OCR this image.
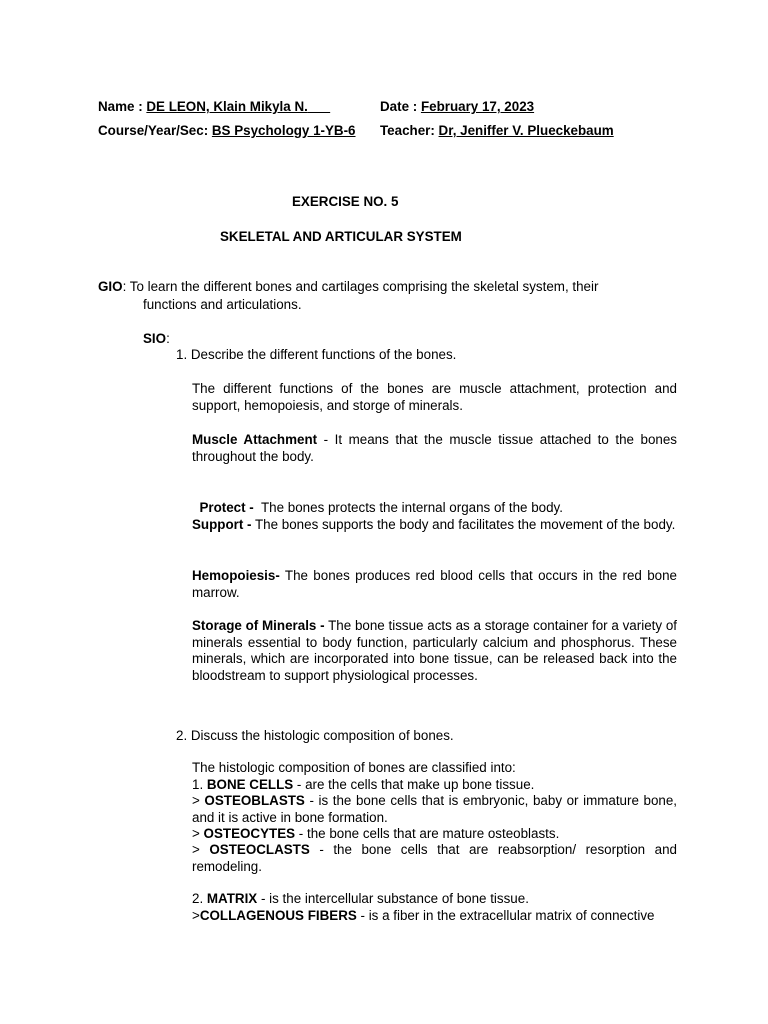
Name : DE LEON, Klain Mikyla N.	Date : February 17, 2023
Course/Year/Sec: BS Psychology 1-YB-6 Teacher: Dr, Jeniffer V. Plueckebaum
EXERCISE NO. 5
SKELETAL AND ARTICULAR SYSTEM
GIO: To learn the different bones and cartilages comprising the skeletal system, their
functions and articulations.
SIO:
1. Describe the different functions of the bones.
The different functions of the bones are muscle attachment, protection and support, hemopoiesis, and storge of minerals.
Muscle Attachment - It means that the muscle tissue attached to the bones throughout the body.

Protect - The bones protects the internal organs of the body.

Support - The bones supports the body and facilitates the movement of the body.
Hemopoiesis- The bones produces red blood cells that occurs in the red bone marrow.
Storage of Minerals - The bone tissue acts as a storage container for a variety of minerals essential to body function, particularly calcium and phosphorus. These minerals, which are incorporated into bone tissue, can be released back into the bloodstream to support physiological processes.
2. Discuss the histologic composition of bones.
The histologic composition of bones are classified into:
1. BONE CELLS - are the cells that make up bone tissue.
> OSTEOBLASTS - is the bone cells that is embryonic, baby or immature bone, and it is active in bone formation.
> OSTEOCYTES - the bone cells that are mature osteoblasts.
> OSTEOCLASTS - the bone cells that are reabsorption/ resorption and remodeling.
2. MATRIX - is the intercellular substance of bone tissue.
>COLLAGENOUS FIBERS - is a fiber in the extracellular matrix of connective
